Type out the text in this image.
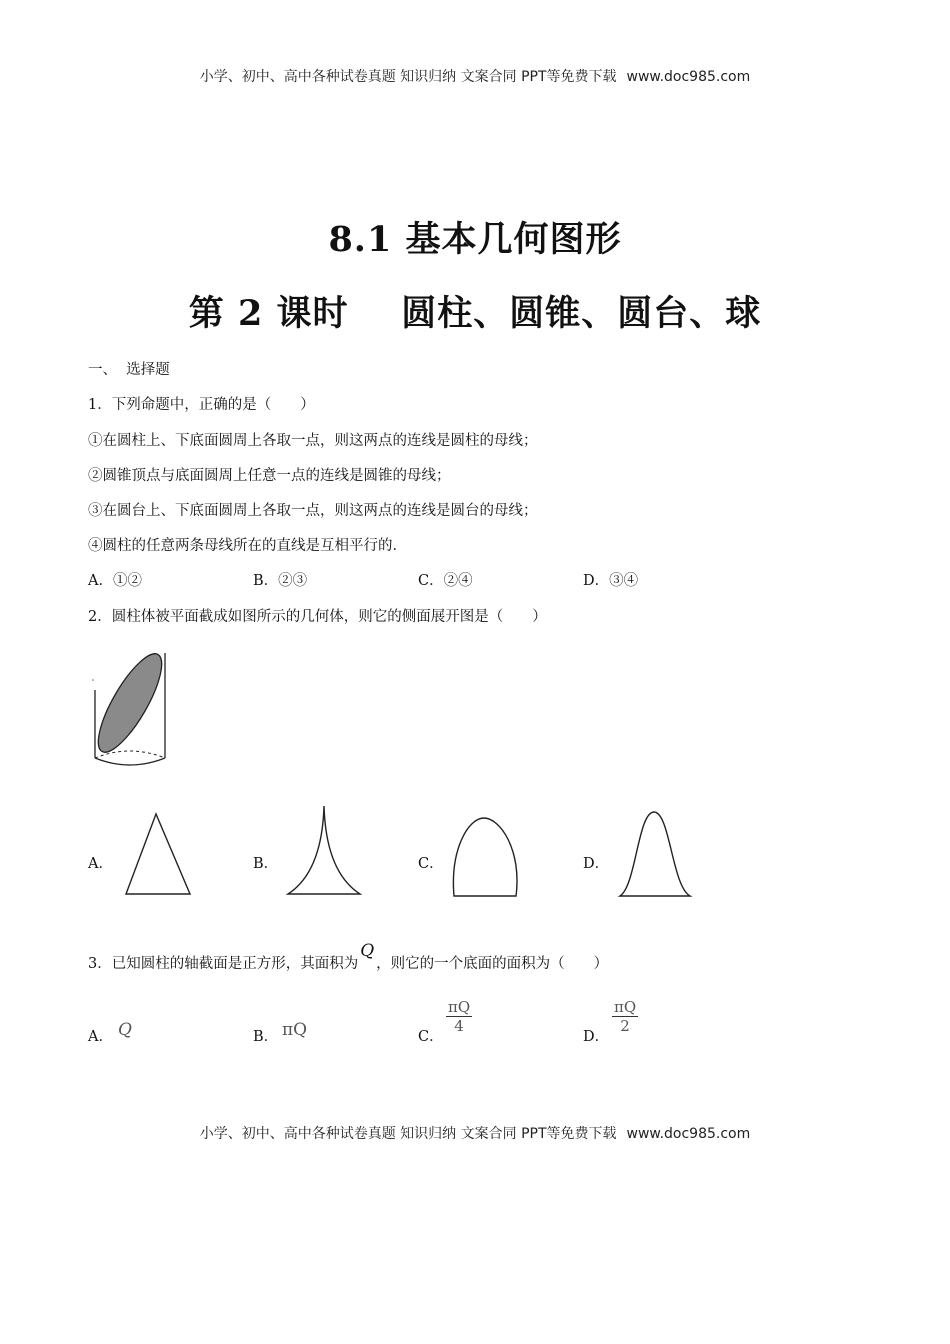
小学、初中、高中各种试卷真题 知识归纳 文案合同 PPT等免费下载 www.doc985.com
8.1 基本几何图形
第 2 课时    圆柱、圆锥、圆台、球
一、  选择题
1．下列命题中，正确的是（　　）
①在圆柱上、下底面圆周上各取一点，则这两点的连线是圆柱的母线；
②圆锥顶点与底面圆周上任意一点的连线是圆锥的母线；
③在圆台上、下底面圆周上各取一点，则这两点的连线是圆台的母线；
④圆柱的任意两条母线所在的直线是互相平行的．
A．①②	B．②③	C．②④	D．③④
2．圆柱体被平面截成如图所示的几何体，则它的侧面展开图是（　　）
A．	B．	C．	D．
3．已知圆柱的轴截面是正方形，其面积为Q，则它的一个底面的面积为（　　）
A． Q	B． πQ	C．
$\frac{\pi Q}{4}$
D．
$\frac{\pi Q}{2}$
小学、初中、高中各种试卷真题 知识归纳 文案合同 PPT等免费下载 www.doc985.com
